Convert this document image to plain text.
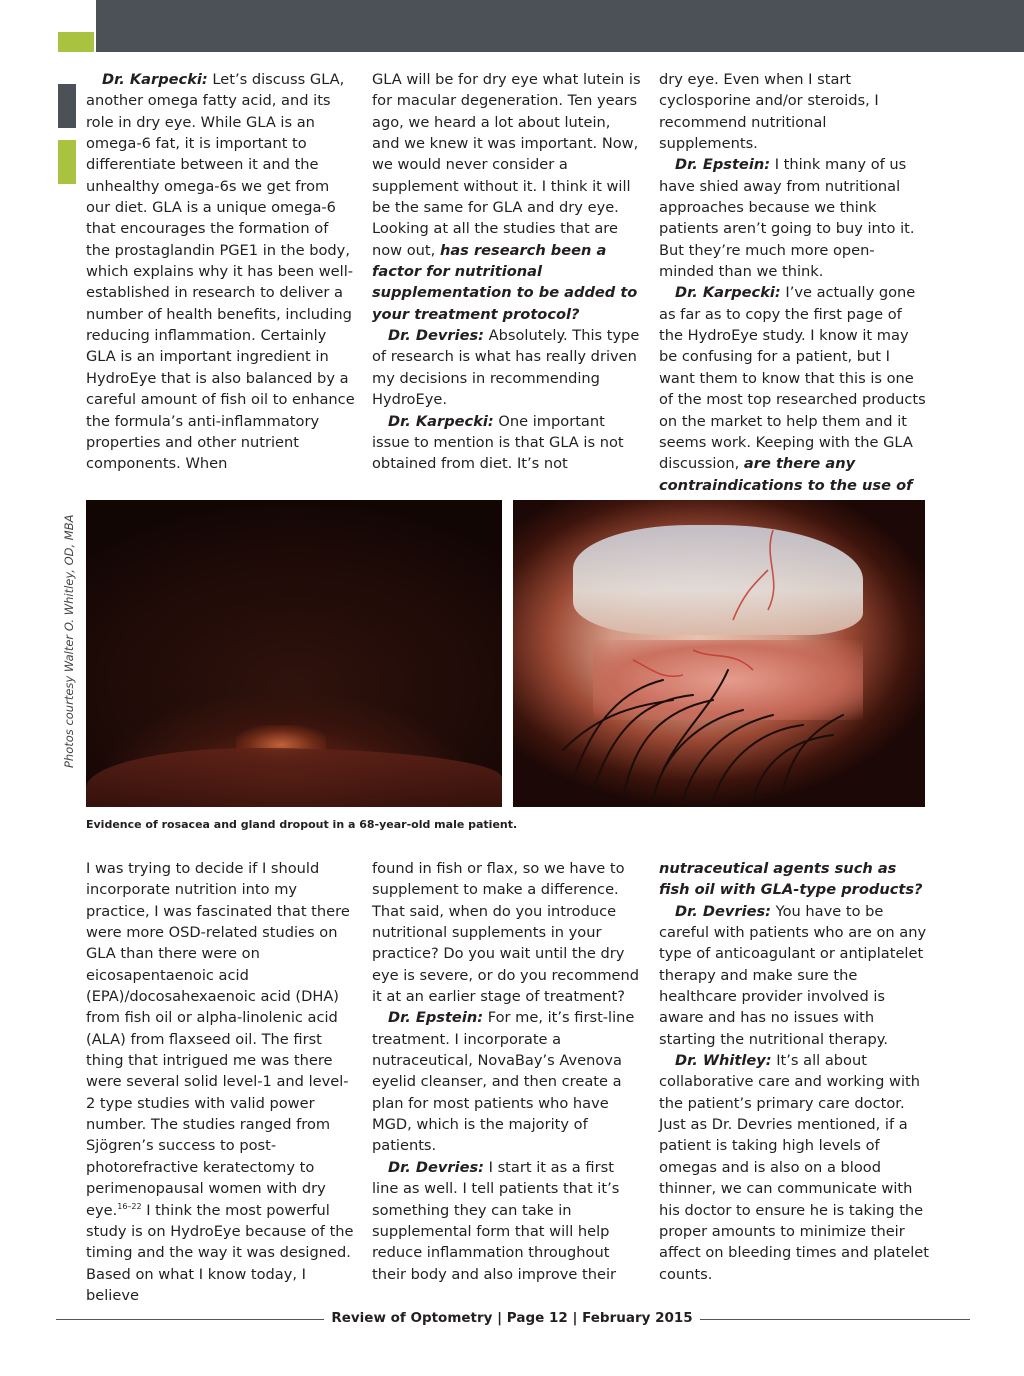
Dr. Karpecki: Let’s discuss GLA, another omega fatty acid, and its role in dry eye. While GLA is an omega-6 fat, it is important to differentiate between it and the unhealthy omega-6s we get from our diet. GLA is a unique omega-6 that encourages the formation of the prostaglandin PGE1 in the body, which explains why it has been well-established in research to deliver a number of health benefits, including reducing inflammation. Certainly GLA is an important ingredient in HydroEye that is also balanced by a careful amount of fish oil to enhance the formula’s anti-inflammatory properties and other nutrient components. When

GLA will be for dry eye what lutein is for macular degeneration. Ten years ago, we heard a lot about lutein, and we knew it was important. Now, we would never consider a supplement without it. I think it will be the same for GLA and dry eye. Looking at all the studies that are now out, has research been a factor for nutritional supplementation to be added to your treatment protocol?

Dr. Devries: Absolutely. This type of research is what has really driven my decisions in recommending HydroEye.

Dr. Karpecki: One important issue to mention is that GLA is not obtained from diet. It’s not

dry eye. Even when I start cyclosporine and/or steroids, I recommend nutritional supplements.

Dr. Epstein: I think many of us have shied away from nutritional approaches because we think patients aren’t going to buy into it. But they’re much more open-minded than we think.

Dr. Karpecki: I’ve actually gone as far as to copy the first page of the HydroEye study. I know it may be confusing for a patient, but I want them to know that this is one of the most top researched products on the market to help them and it seems work. Keeping with the GLA discussion, are there any contraindications to the use of

Photos courtesy Walter O. Whitley, OD, MBA
Evidence of rosacea and gland dropout in a 68-year-old male patient.

I was trying to decide if I should incorporate nutrition into my practice, I was fascinated that there were more OSD-related studies on GLA than there were on eicosapentaenoic acid (EPA)/docosahexaenoic acid (DHA) from fish oil or alpha-linolenic acid (ALA) from flaxseed oil. The first thing that intrigued me was there were several solid level-1 and level-2 type studies with valid power number. The studies ranged from Sjögren’s success to post-photorefractive keratectomy to perimenopausal women with dry eye.$^{16-22}$ I think the most powerful study is on HydroEye because of the timing and the way it was designed. Based on what I know today, I believe

found in fish or flax, so we have to supplement to make a difference. That said, when do you introduce nutritional supplements in your practice? Do you wait until the dry eye is severe, or do you recommend it at an earlier stage of treatment?

Dr. Epstein: For me, it’s first-line treatment. I incorporate a nutraceutical, NovaBay’s Avenova eyelid cleanser, and then create a plan for most patients who have MGD, which is the majority of patients.

Dr. Devries: I start it as a first line as well. I tell patients that it’s something they can take in supplemental form that will help reduce inflammation throughout their body and also improve their

nutraceutical agents such as fish oil with GLA-type products?

Dr. Devries: You have to be careful with patients who are on any type of anticoagulant or antiplatelet therapy and make sure the healthcare provider involved is aware and has no issues with starting the nutritional therapy.

Dr. Whitley: It’s all about collaborative care and working with the patient’s primary care doctor. Just as Dr. Devries mentioned, if a patient is taking high levels of omegas and is also on a blood thinner, we can communicate with his doctor to ensure he is taking the proper amounts to minimize their affect on bleeding times and platelet counts.

Review of Optometry | Page 12 | February 2015
